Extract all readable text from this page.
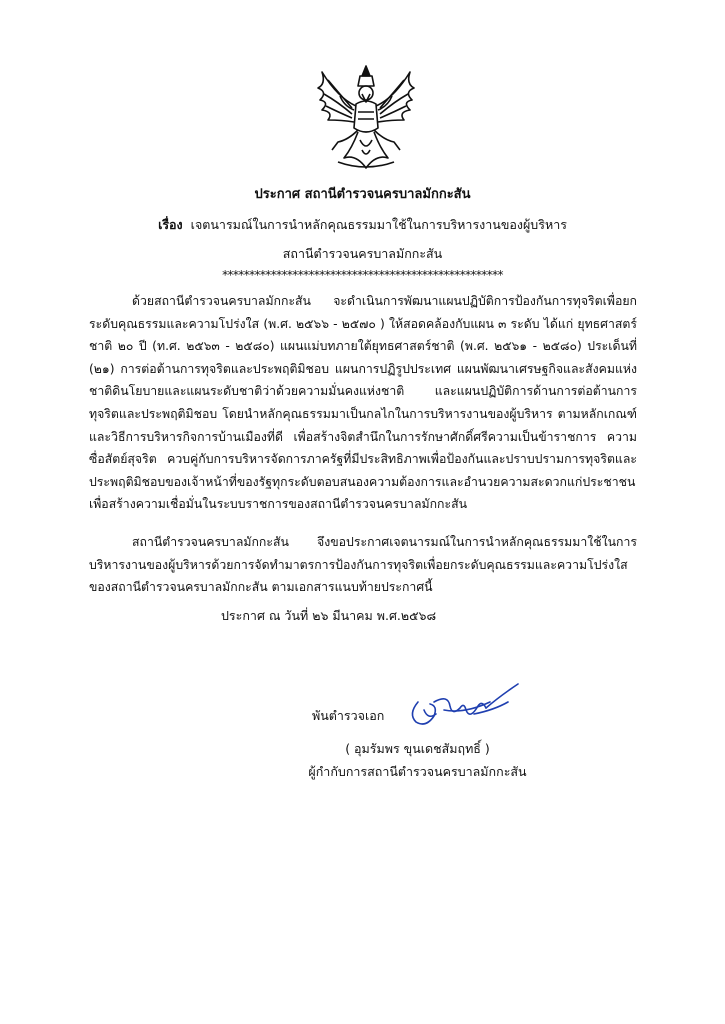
ประกาศ สถานีตำรวจนครบาลมักกะสัน
เรื่อง เจตนารมณ์ในการนำหลักคุณธรรมมาใช้ในการบริหารงานของผู้บริหาร
สถานีตำรวจนครบาลมักกะสัน
****************************************************

ด้วยสถานีตำรวจนครบาลมักกะสัน จะดำเนินการพัฒนาแผนปฏิบัติการป้องกันการทุจริตเพื่อยกระดับคุณธรรมและความโปร่งใส (พ.ศ. ๒๕๖๖ - ๒๕๗๐ ) ให้สอดคล้องกับแผน ๓ ระดับ ได้แก่ ยุทธศาสตร์ชาติ ๒๐ ปี (ท.ศ. ๒๕๖๓ - ๒๕๘๐) แผนแม่บทภายใต้ยุทธศาสตร์ชาติ (พ.ศ. ๒๕๖๑ - ๒๕๘๐) ประเด็นที่ (๒๑) การต่อต้านการทุจริตและประพฤติมิชอบ แผนการปฏิรูปประเทศ แผนพัฒนาเศรษฐกิจและสังคมแห่งชาติดินโยบายและแผนระดับชาติว่าด้วยความมั่นคงแห่งชาติ และแผนปฏิบัติการด้านการต่อต้านการทุจริตและประพฤติมิชอบ โดยนำหลักคุณธรรมมาเป็นกลไกในการบริหารงานของผู้บริหาร ตามหลักเกณฑ์และวิธีการบริหารกิจการบ้านเมืองที่ดี เพื่อสร้างจิตสำนึกในการรักษาศักดิ์ศรีความเป็นข้าราชการ ความซื่อสัตย์สุจริต ควบคู่กับการบริหารจัดการภาครัฐที่มีประสิทธิภาพเพื่อป้องกันและปราบปรามการทุจริตและประพฤติมิชอบของเจ้าหน้าที่ของรัฐทุกระดับตอบสนองความต้องการและอำนวยความสะดวกแก่ประชาชน เพื่อสร้างความเชื่อมั่นในระบบราชการของสถานีตำรวจนครบาลมักกะสัน

สถานีตำรวจนครบาลมักกะสัน จึงขอประกาศเจตนารมณ์ในการนำหลักคุณธรรมมาใช้ในการบริหารงานของผู้บริหารด้วยการจัดทำมาตรการป้องกันการทุจริตเพื่อยกระดับคุณธรรมและความโปร่งใสของสถานีตำรวจนครบาลมักกะสัน ตามเอกสารแนบท้ายประกาศนี้

ประกาศ ณ วันที่ ๒๖ มีนาคม พ.ศ.๒๕๖๘
พันตำรวจเอก
( อุมรัมพร ขุนเดชสัมฤทธิ์ )
ผู้กำกับการสถานีตำรวจนครบาลมักกะสัน
